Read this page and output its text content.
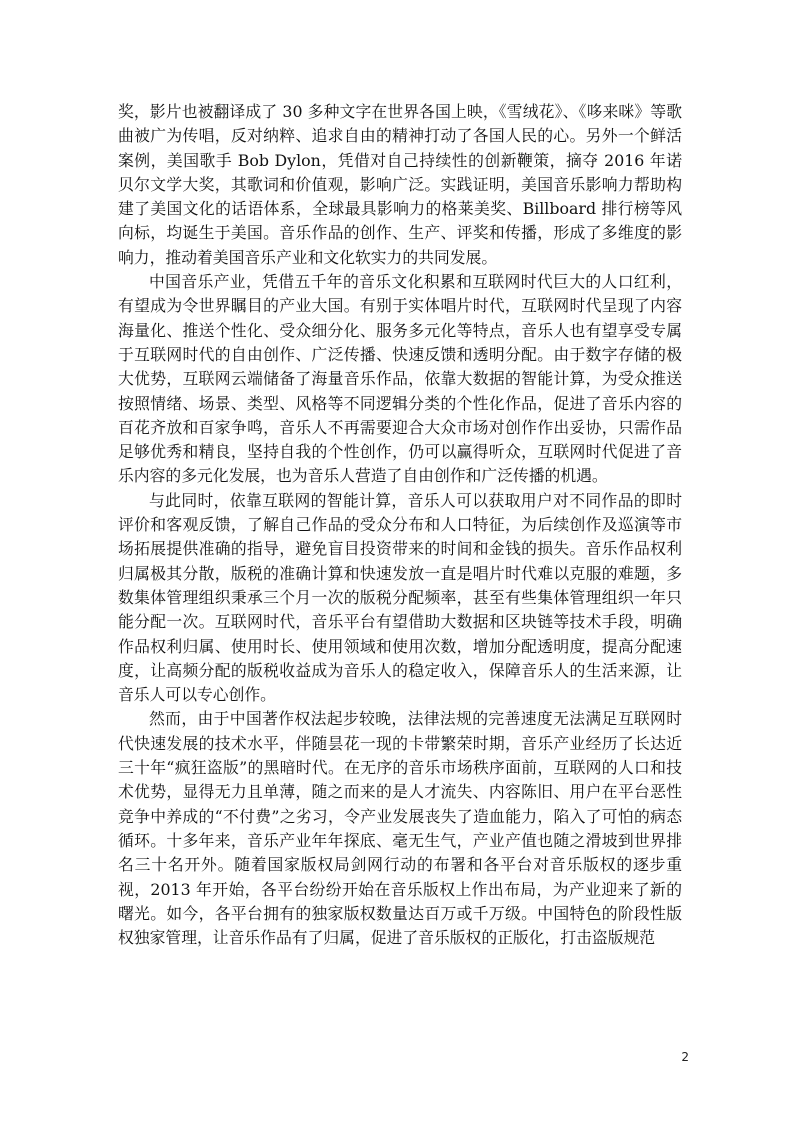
奖，影片也被翻译成了 30 多种文字在世界各国上映，《雪绒花》、《哆来咪》等歌曲被广为传唱，反对纳粹、追求自由的精神打动了各国人民的心。另外一个鲜活案例，美国歌手 Bob Dylon，凭借对自己持续性的创新鞭策，摘夺 2016 年诺贝尔文学大奖，其歌词和价值观，影响广泛。实践证明，美国音乐影响力帮助构建了美国文化的话语体系，全球最具影响力的格莱美奖、Billboard 排行榜等风向标，均诞生于美国。音乐作品的创作、生产、评奖和传播，形成了多维度的影响力，推动着美国音乐产业和文化软实力的共同发展。

中国音乐产业，凭借五千年的音乐文化积累和互联网时代巨大的人口红利，有望成为令世界瞩目的产业大国。有别于实体唱片时代，互联网时代呈现了内容海量化、推送个性化、受众细分化、服务多元化等特点，音乐人也有望享受专属于互联网时代的自由创作、广泛传播、快速反馈和透明分配。由于数字存储的极大优势，互联网云端储备了海量音乐作品，依靠大数据的智能计算，为受众推送按照情绪、场景、类型、风格等不同逻辑分类的个性化作品，促进了音乐内容的百花齐放和百家争鸣，音乐人不再需要迎合大众市场对创作作出妥协，只需作品足够优秀和精良，坚持自我的个性创作，仍可以赢得听众，互联网时代促进了音乐内容的多元化发展，也为音乐人营造了自由创作和广泛传播的机遇。

与此同时，依靠互联网的智能计算，音乐人可以获取用户对不同作品的即时评价和客观反馈，了解自己作品的受众分布和人口特征，为后续创作及巡演等市场拓展提供准确的指导，避免盲目投资带来的时间和金钱的损失。音乐作品权利归属极其分散，版税的准确计算和快速发放一直是唱片时代难以克服的难题，多数集体管理组织秉承三个月一次的版税分配频率，甚至有些集体管理组织一年只能分配一次。互联网时代，音乐平台有望借助大数据和区块链等技术手段，明确作品权利归属、使用时长、使用领域和使用次数，增加分配透明度，提高分配速度，让高频分配的版税收益成为音乐人的稳定收入，保障音乐人的生活来源，让音乐人可以专心创作。

然而，由于中国著作权法起步较晚，法律法规的完善速度无法满足互联网时代快速发展的技术水平，伴随昙花一现的卡带繁荣时期，音乐产业经历了长达近三十年“疯狂盗版”的黑暗时代。在无序的音乐市场秩序面前，互联网的人口和技术优势，显得无力且单薄，随之而来的是人才流失、内容陈旧、用户在平台恶性竞争中养成的“不付费”之劣习，令产业发展丧失了造血能力，陷入了可怕的病态循环。十多年来，音乐产业年年探底、毫无生气，产业产值也随之滑坡到世界排名三十名开外。随着国家版权局剑网行动的布署和各平台对音乐版权的逐步重视，2013 年开始，各平台纷纷开始在音乐版权上作出布局，为产业迎来了新的曙光。如今，各平台拥有的独家版权数量达百万或千万级。中国特色的阶段性版权独家管理，让音乐作品有了归属，促进了音乐版权的正版化，打击盗版规范

2
